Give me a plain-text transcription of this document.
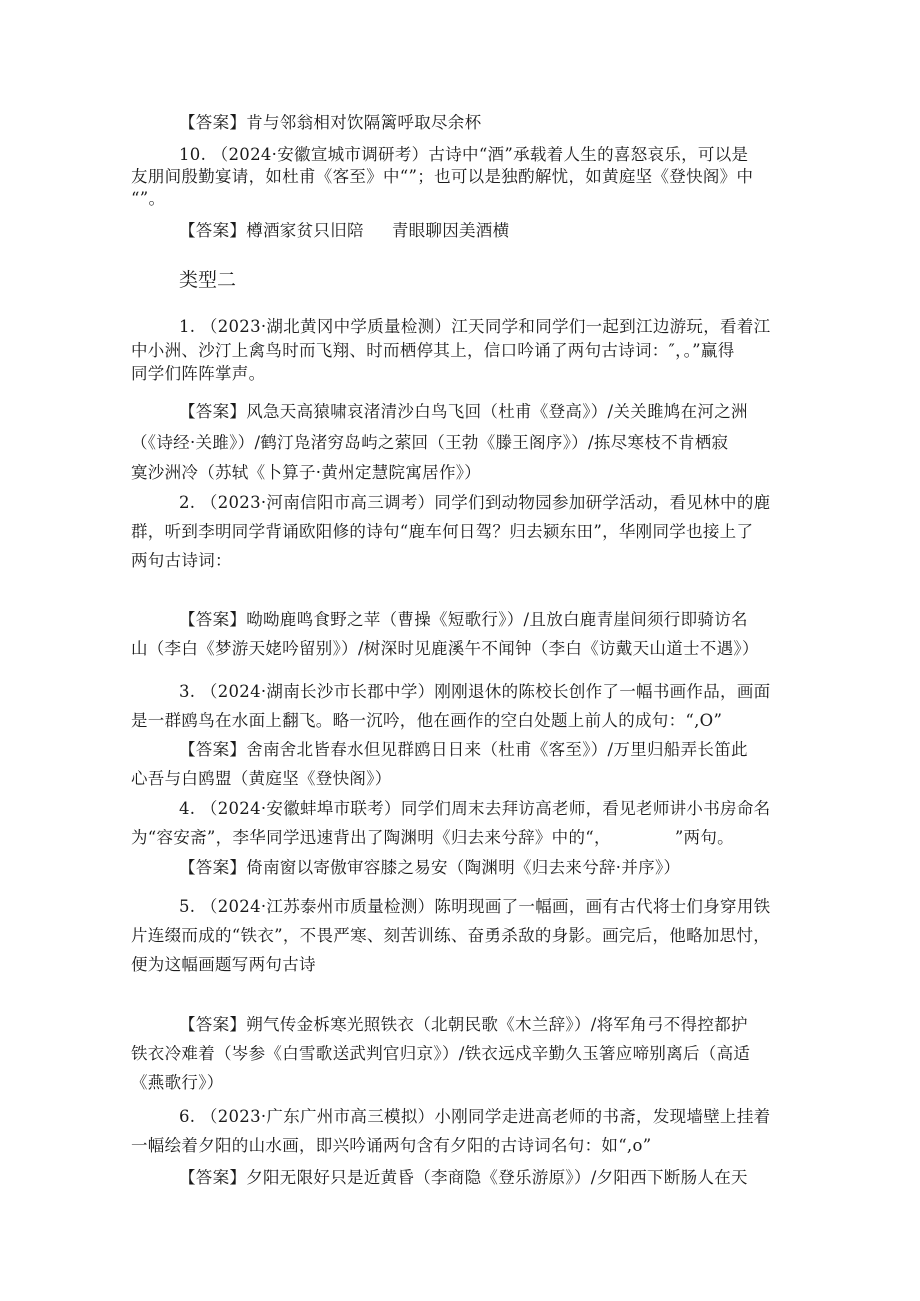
【答案】肯与邻翁相对饮隔篱呼取尽余杯
10. （2024·安徽宣城市调研考）古诗中“酒”承载着人生的喜怒哀乐，可以是
友朋间殷勤宴请，如杜甫《客至》中“”；也可以是独酌解忧，如黄庭坚《登快阁》中
“”。
【答案】樽酒家贫只旧陪 青眼聊因美酒横
类型二
1. （2023·湖北黄冈中学质量检测）江天同学和同学们一起到江边游玩，看着江
中小洲、沙汀上禽鸟时而飞翔、时而栖停其上，信口吟诵了两句古诗词：″，。”赢得
同学们阵阵掌声。
【答案】风急天高猿啸哀渚清沙白鸟飞回（杜甫《登高》）/关关雎鸠在河之洲
（《诗经·关雎》）/鹤汀凫渚穷岛屿之萦回（王勃《滕王阁序》）/拣尽寒枝不肯栖寂
寞沙洲冷（苏轼《卜算子·黄州定慧院寓居作》）
2. （2023·河南信阳市高三调考）同学们到动物园参加研学活动，看见林中的鹿
群，听到李明同学背诵欧阳修的诗句“鹿车何日驾？归去颍东田”，华刚同学也接上了
两句古诗词：
【答案】呦呦鹿鸣食野之苹（曹操《短歌行》）/且放白鹿青崖间须行即骑访名
山（李白《梦游天姥吟留别》）/树深时见鹿溪午不闻钟（李白《访戴天山道士不遇》）
3. （2024·湖南长沙市长郡中学）刚刚退休的陈校长创作了一幅书画作品，画面
是一群鸥鸟在水面上翻飞。略一沉吟，他在画作的空白处题上前人的成句：“,O”
【答案】舍南舍北皆春水但见群鸥日日来（杜甫《客至》）/万里归船弄长笛此
心吾与白鸥盟（黄庭坚《登快阁》）
4. （2024·安徽蚌埠市联考）同学们周末去拜访高老师，看见老师讲小书房命名
为“容安斋”，李华同学迅速背出了陶渊明《归去来兮辞》中的“，	”两句。
【答案】倚南窗以寄傲审容膝之易安（陶渊明《归去来兮辞·并序》）
5. （2024·江苏泰州市质量检测）陈明现画了一幅画，画有古代将士们身穿用铁
片连缀而成的“铁衣”，不畏严寒、刻苦训练、奋勇杀敌的身影。画完后，他略加思忖，
便为这幅画题写两句古诗
【答案】朔气传金柝寒光照铁衣（北朝民歌《木兰辞》）/将军角弓不得控都护
铁衣冷难着（岑参《白雪歌送武判官归京》）/铁衣远戍辛勤久玉箸应啼别离后（高适
《燕歌行》）
6. （2023·广东广州市高三模拟）小刚同学走进高老师的书斋，发现墙壁上挂着
一幅绘着夕阳的山水画，即兴吟诵两句含有夕阳的古诗词名句：如“,o”
【答案】夕阳无限好只是近黄昏（李商隐《登乐游原》）/夕阳西下断肠人在天
